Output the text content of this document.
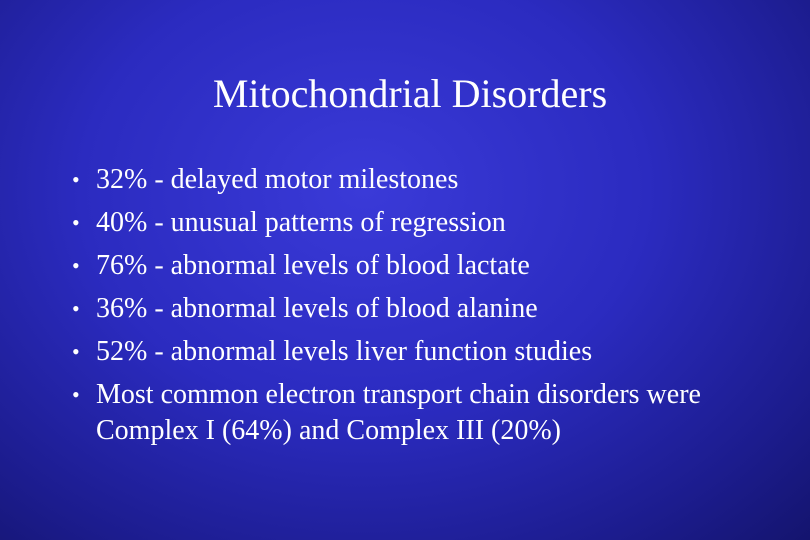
Mitochondrial Disorders
• 32% - delayed motor milestones
• 40% - unusual patterns of regression
• 76% - abnormal levels of blood lactate
• 36% - abnormal levels of blood alanine
• 52% - abnormal levels liver function studies
• Most common electron transport chain disorders were Complex I (64%) and Complex III (20%)
